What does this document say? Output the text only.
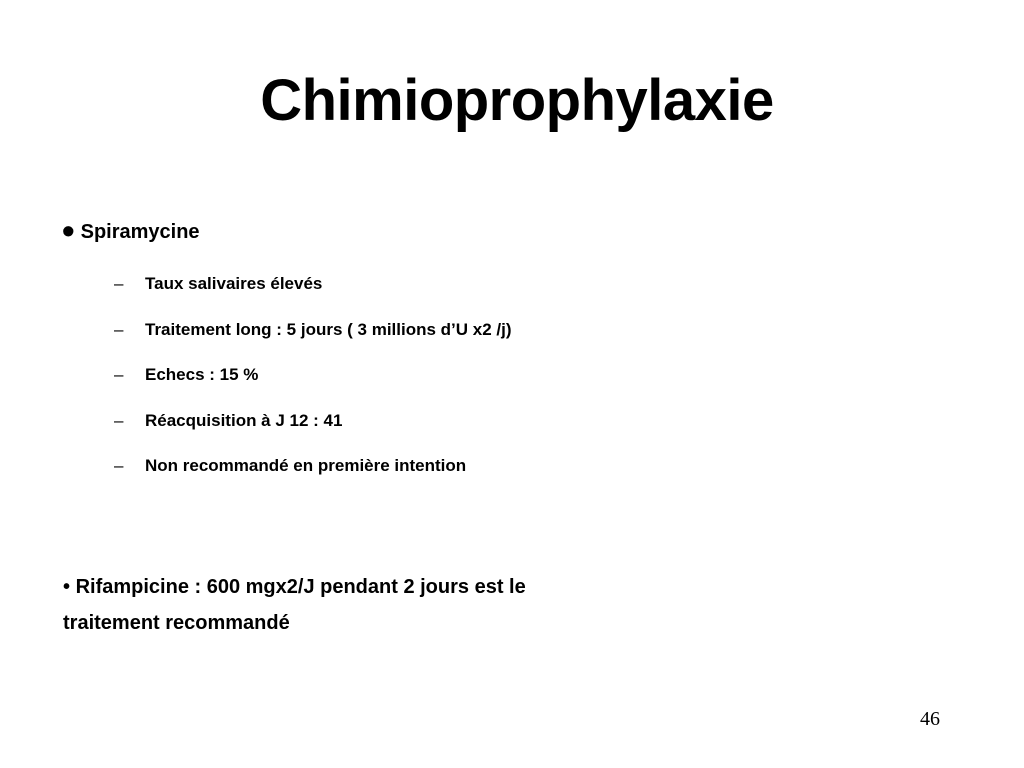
Chimioprophylaxie
• Spiramycine
– Taux salivaires élevés
– Traitement long : 5 jours ( 3 millions d’U x2 /j)
– Echecs : 15 %
– Réacquisition à J 12 : 41
– Non recommandé en première intention
• Rifampicine : 600 mgx2/J pendant 2 jours est le traitement recommandé
46
